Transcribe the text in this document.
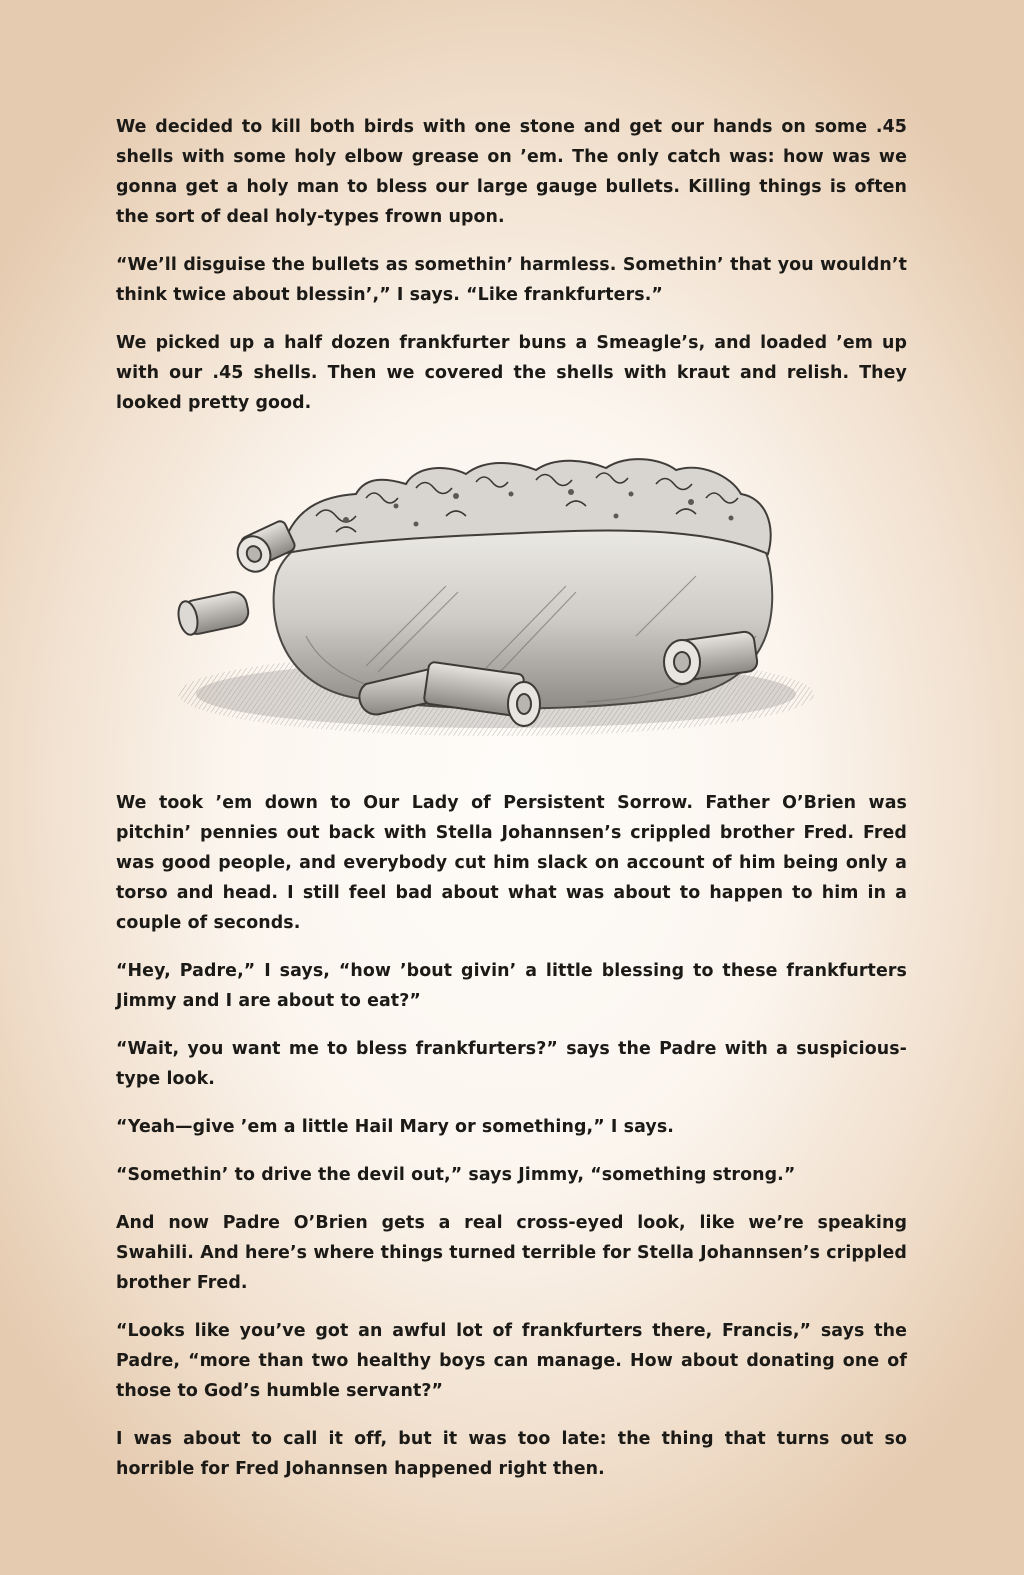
We decided to kill both birds with one stone and get our hands on some .45 shells with some holy elbow grease on ’em. The only catch was: how was we gonna get a holy man to bless our large gauge bullets. Killing things is often the sort of deal holy-types frown upon.

“We’ll disguise the bullets as somethin’ harmless. Somethin’ that you wouldn’t think twice about blessin’,” I says. “Like frankfurters.”

We picked up a half dozen frankfurter buns a Smeagle’s, and loaded ’em up with our .45 shells. Then we covered the shells with kraut and relish. They looked pretty good.

We took ’em down to Our Lady of Persistent Sorrow. Father O’Brien was pitchin’ pennies out back with Stella Johannsen’s crippled brother Fred. Fred was good people, and everybody cut him slack on account of him being only a torso and head. I still feel bad about what was about to happen to him in a couple of seconds.

“Hey, Padre,” I says, “how ’bout givin’ a little blessing to these frankfurters Jimmy and I are about to eat?”

“Wait, you want me to bless frankfurters?” says the Padre with a suspicious-type look.

“Yeah—give ’em a little Hail Mary or something,” I says.

“Somethin’ to drive the devil out,” says Jimmy, “something strong.”

And now Padre O’Brien gets a real cross-eyed look, like we’re speaking Swahili. And here’s where things turned terrible for Stella Johannsen’s crippled brother Fred.

“Looks like you’ve got an awful lot of frankfurters there, Francis,” says the Padre, “more than two healthy boys can manage. How about donating one of those to God’s humble servant?”

I was about to call it off, but it was too late: the thing that turns out so horrible for Fred Johannsen happened right then.
